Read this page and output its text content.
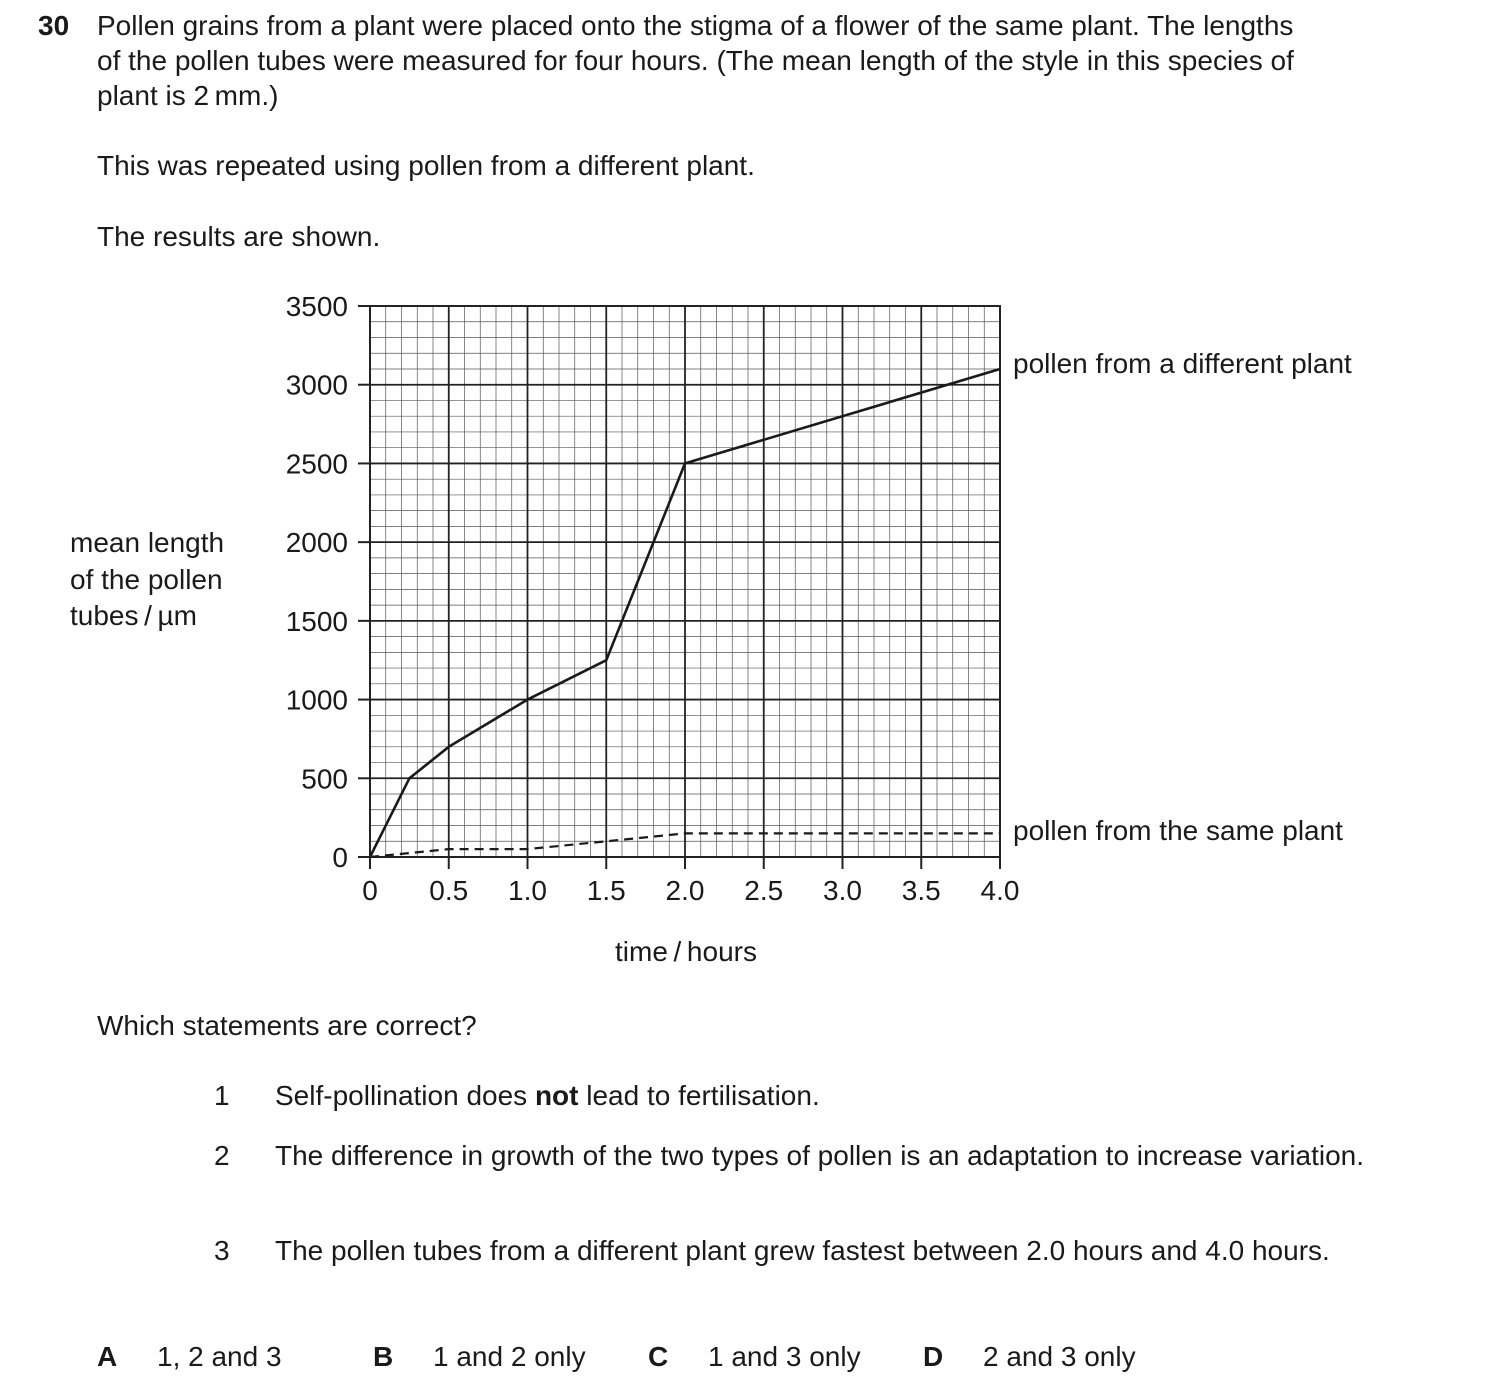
30 Pollen grains from a plant were placed onto the stigma of a flower of the same plant. The lengths
of the pollen tubes were measured for four hours. (The mean length of the style in this species of
plant is 2 mm.)
This was repeated using pollen from a different plant.
The results are shown.
0
500
1000
1500
2000
2500
3000
3500
0 0.5 1.0 1.5 2.0 2.5 3.0 3.5 4.0
mean length
of the pollen
tubes / µm
time / hours
pollen from a different plant
pollen from the same plant
Which statements are correct?
1 Self-pollination does not lead to fertilisation.
2 The difference in growth of the two types of pollen is an adaptation to increase variation.
3 The pollen tubes from a different plant grew fastest between 2.0 hours and 4.0 hours.
A 1, 2 and 3	B 1 and 2 only C 1 and 3 only D 2 and 3 only
